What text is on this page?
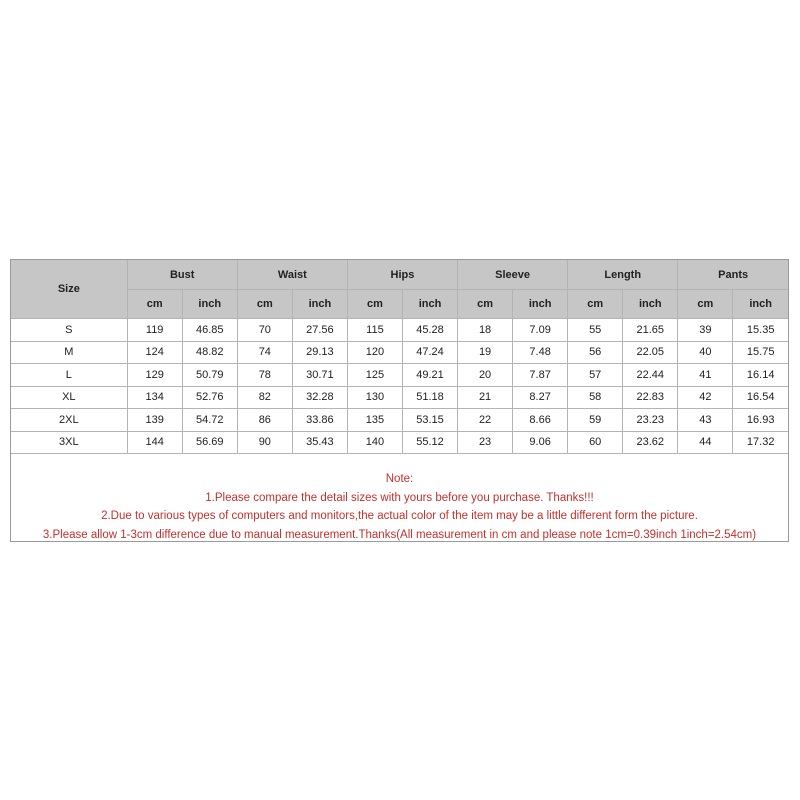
Size	Bust		Waist		Hips		Sleeve		Length		Pants	
	cm	inch	cm	inch	cm	inch	cm	inch	cm	inch	cm	inch
S	119	46.85	70	27.56	115	45.28	18	7.09	55	21.65	39	15.35
M	124	48.82	74	29.13	120	47.24	19	7.48	56	22.05	40	15.75
L	129	50.79	78	30.71	125	49.21	20	7.87	57	22.44	41	16.14
XL	134	52.76	82	32.28	130	51.18	21	8.27	58	22.83	42	16.54
2XL	139	54.72	86	33.86	135	53.15	22	8.66	59	23.23	43	16.93
3XL	144	56.69	90	35.43	140	55.12	23	9.06	60	23.62	44	17.32
Note:
1.Please compare the detail sizes with yours before you purchase. Thanks!!!
2.Due to various types of computers and monitors,the actual color of the item may be a little different form the picture.
3.Please allow 1-3cm difference due to manual measurement.Thanks(All measurement in cm and please note 1cm=0.39inch 1inch=2.54cm)
